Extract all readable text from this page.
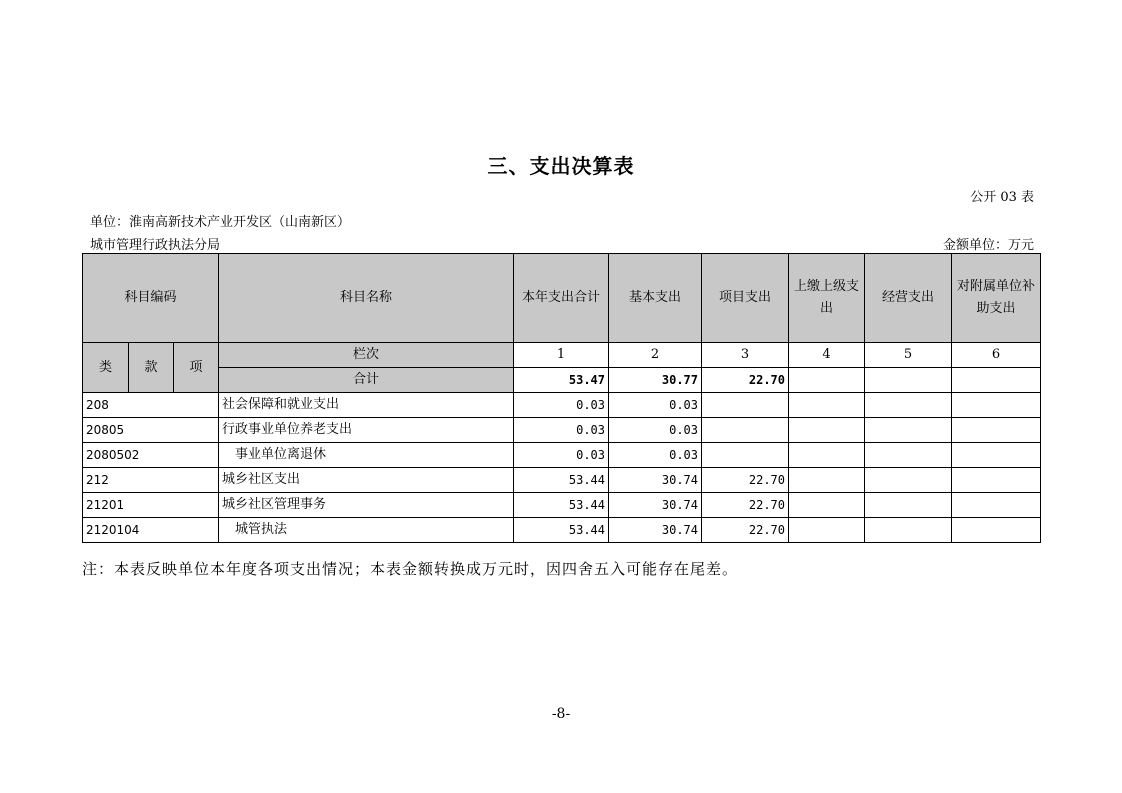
三、支出决算表
公开 03 表
单位：淮南高新技术产业开发区（山南新区）
城市管理行政执法分局	金额单位：万元
科目编码			科目名称	本年支出合计	基本支出	项目支出	上缴上级支出	经营支出	对附属单位补助支出
类	款	项	栏次	1	2	3	4	5	6
			合计	53.47	30.77	22.70			
208			社会保障和就业支出	0.03	0.03				
20805			行政事业单位养老支出	0.03	0.03				
2080502			事业单位离退休	0.03	0.03				
212			城乡社区支出	53.44	30.74	22.70			
21201			城乡社区管理事务	53.44	30.74	22.70			
2120104			城管执法	53.44	30.74	22.70			
注：本表反映单位本年度各项支出情况；本表金额转换成万元时，因四舍五入可能存在尾差。
-8-
